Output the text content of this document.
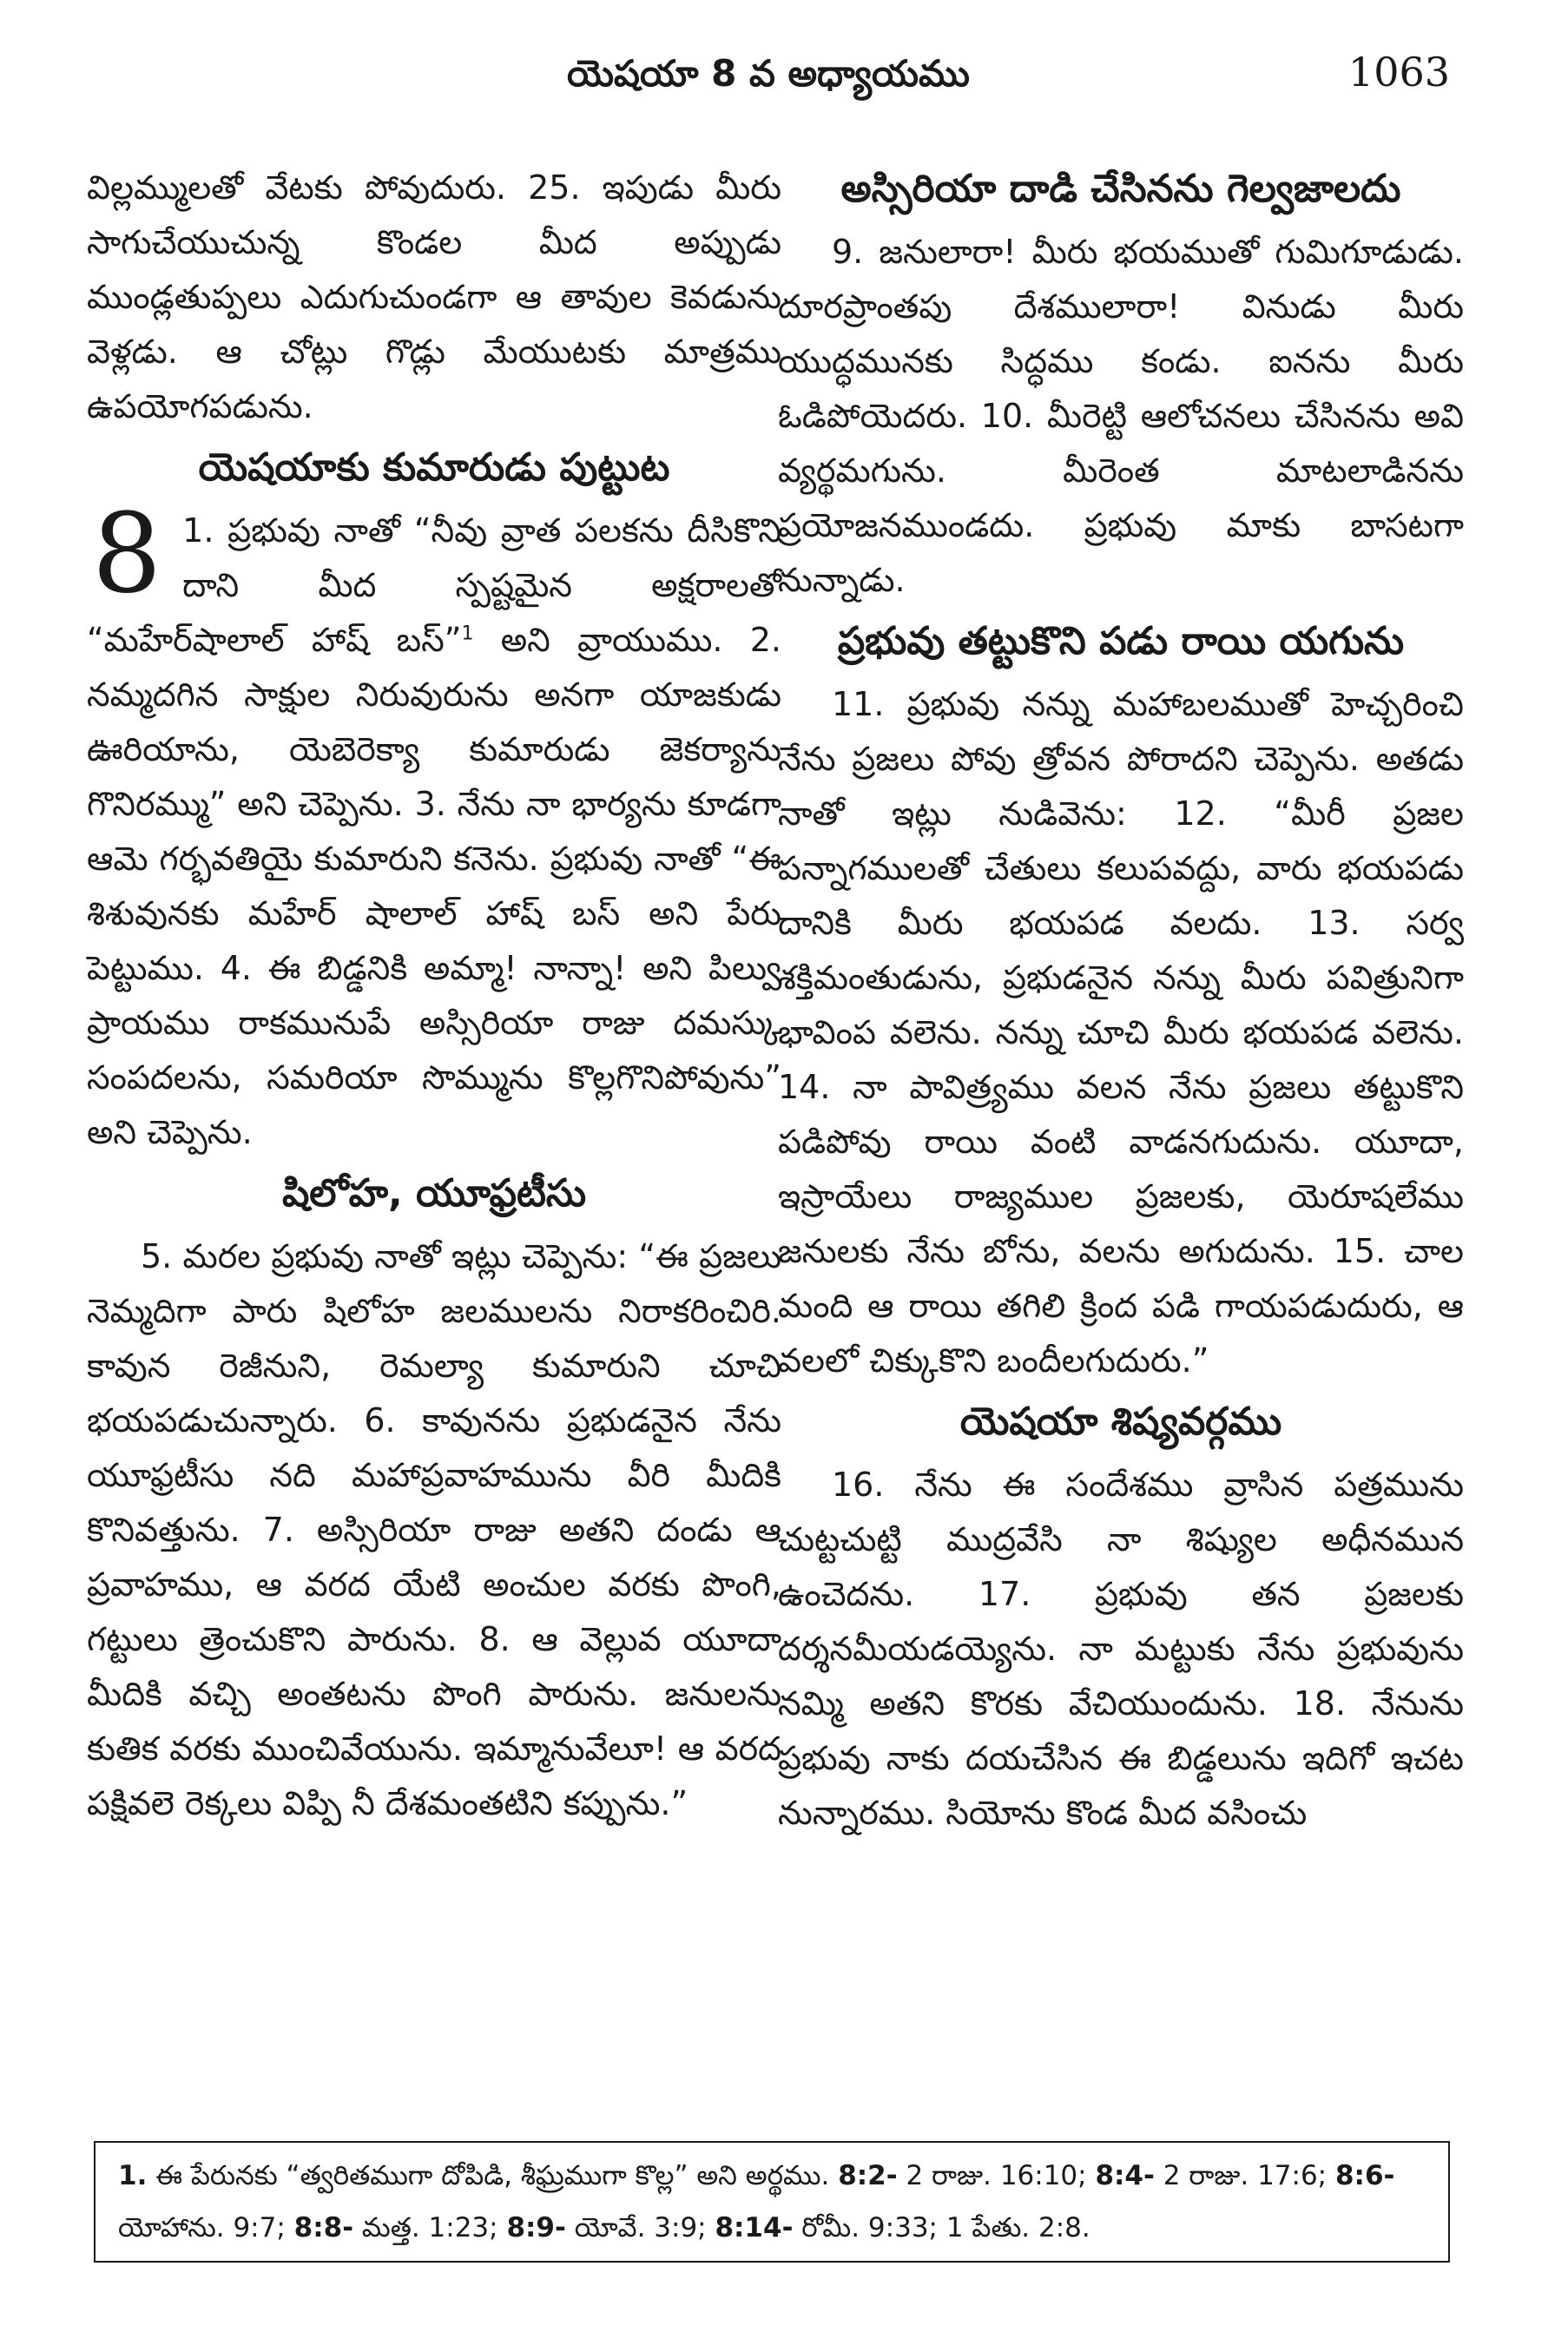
యెషయా 8 వ అధ్యాయము	1063

విల్లమ్ములతో వేటకు పోవుదురు. 25. ఇపుడు మీరు సాగుచేయుచున్న కొండల మీద అప్పుడు ముండ్లతుప్పలు ఎదుగుచుండగా ఆ తావుల కెవడును వెళ్లడు. ఆ చోట్లు గొడ్లు మేయుటకు మాత్రము ఉపయోగపడును.

యెషయాకు కుమారుడు పుట్టుట

8 1. ప్రభువు నాతో “నీవు వ్రాత పలకను దీసికొని దాని మీద స్పష్టమైన అక్షరాలతో “మహేర్‌షాలాల్ హాష్ బస్”$^1$ అని వ్రాయుము. 2. నమ్మదగిన సాక్షుల నిరువురును అనగా యాజకుడు ఊరియాను, యెబెరెక్యా కుమారుడు జెకర్యాను గొనిరమ్ము” అని చెప్పెను. 3. నేను నా భార్యను కూడగా ఆమె గర్భవతియై కుమారుని కనెను. ప్రభువు నాతో “ఈ శిశువునకు మహేర్ షాలాల్ హాష్ బస్ అని పేరు పెట్టుము. 4. ఈ బిడ్డనికి అమ్మా! నాన్నా! అని పిల్వు ప్రాయము రాకమునుపే అస్సిరియా రాజు దమస్కు సంపదలను, సమరియా సొమ్మును కొల్లగొనిపోవును” అని చెప్పెను.

షిలోహ, యూఫ్రటీసు

5. మరల ప్రభువు నాతో ఇట్లు చెప్పెను: “ఈ ప్రజలు నెమ్మదిగా పారు షిలోహ జలములను నిరాకరించిరి. కావున రెజీనుని, రెమల్యా కుమారుని చూచి భయపడుచున్నారు. 6. కావునను ప్రభుడనైన నేను యూఫ్రటీసు నది మహాప్రవాహమును వీరి మీదికి కొనివత్తును. 7. అస్సిరియా రాజు అతని దండు ఆ ప్రవాహము, ఆ వరద యేటి అంచుల వరకు పొంగి, గట్టులు త్రెంచుకొని పారును. 8. ఆ వెల్లువ యూదా మీదికి వచ్చి అంతటను పొంగి పారును. జనులను కుతిక వరకు ముంచివేయును. ఇమ్మానువేలూ! ఆ వరద పక్షివలె రెక్కలు విప్పి నీ దేశమంతటిని కప్పును.”

అస్సిరియా దాడి చేసినను గెల్వజాలదు

9. జనులారా! మీరు భయముతో గుమిగూడుడు. దూరప్రాంతపు దేశములారా! వినుడు మీరు యుద్ధమునకు సిద్ధము కండు. ఐనను మీరు ఓడిపోయెదరు. 10. మీరెట్టి ఆలోచనలు చేసినను అవి వ్యర్థమగును. మీరెంత మాటలాడినను ప్రయోజనముండదు. ప్రభువు మాకు బాసటగా నున్నాడు.

ప్రభువు తట్టుకొని పడు రాయి యగును

11. ప్రభువు నన్ను మహాబలముతో హెచ్చరించి నేను ప్రజలు పోవు త్రోవన పోరాదని చెప్పెను. అతడు నాతో ఇట్లు నుడివెను: 12. “మీరీ ప్రజల పన్నాగములతో చేతులు కలుపవద్దు, వారు భయపడు దానికి మీరు భయపడ వలదు. 13. సర్వ శక్తిమంతుడును, ప్రభుడనైన నన్ను మీరు పవిత్రునిగా భావింప వలెను. నన్ను చూచి మీరు భయపడ వలెను. 14. నా పావిత్ర్యము వలన నేను ప్రజలు తట్టుకొని పడిపోవు రాయి వంటి వాడనగుదును. యూదా, ఇస్రాయేలు రాజ్యముల ప్రజలకు, యెరూషలేము జనులకు నేను బోను, వలను అగుదును. 15. చాల మంది ఆ రాయి తగిలి క్రింద పడి గాయపడుదురు, ఆ వలలో చిక్కుకొని బందీలగుదురు.”

యెషయా శిష్యవర్గము

16. నేను ఈ సందేశము వ్రాసిన పత్రమును చుట్టచుట్టి ముద్రవేసి నా శిష్యుల అధీనమున ఉంచెదను. 17. ప్రభువు తన ప్రజలకు దర్శనమీయడయ్యెను. నా మట్టుకు నేను ప్రభువును నమ్మి అతని కొరకు వేచియుందును. 18. నేనును ప్రభువు నాకు దయచేసిన ఈ బిడ్డలును ఇదిగో ఇచట నున్నారము. సియోను కొండ మీద వసించు

1. ఈ పేరునకు “త్వరితముగా దోపిడి, శీఘ్రముగా కొల్ల” అని అర్థము. 8:2- 2 రాజు. 16:10; 8:4- 2 రాజు. 17:6; 8:6- యోహాను. 9:7; 8:8- మత్త. 1:23; 8:9- యోవే. 3:9; 8:14- రోమీ. 9:33; 1 పేతు. 2:8.
